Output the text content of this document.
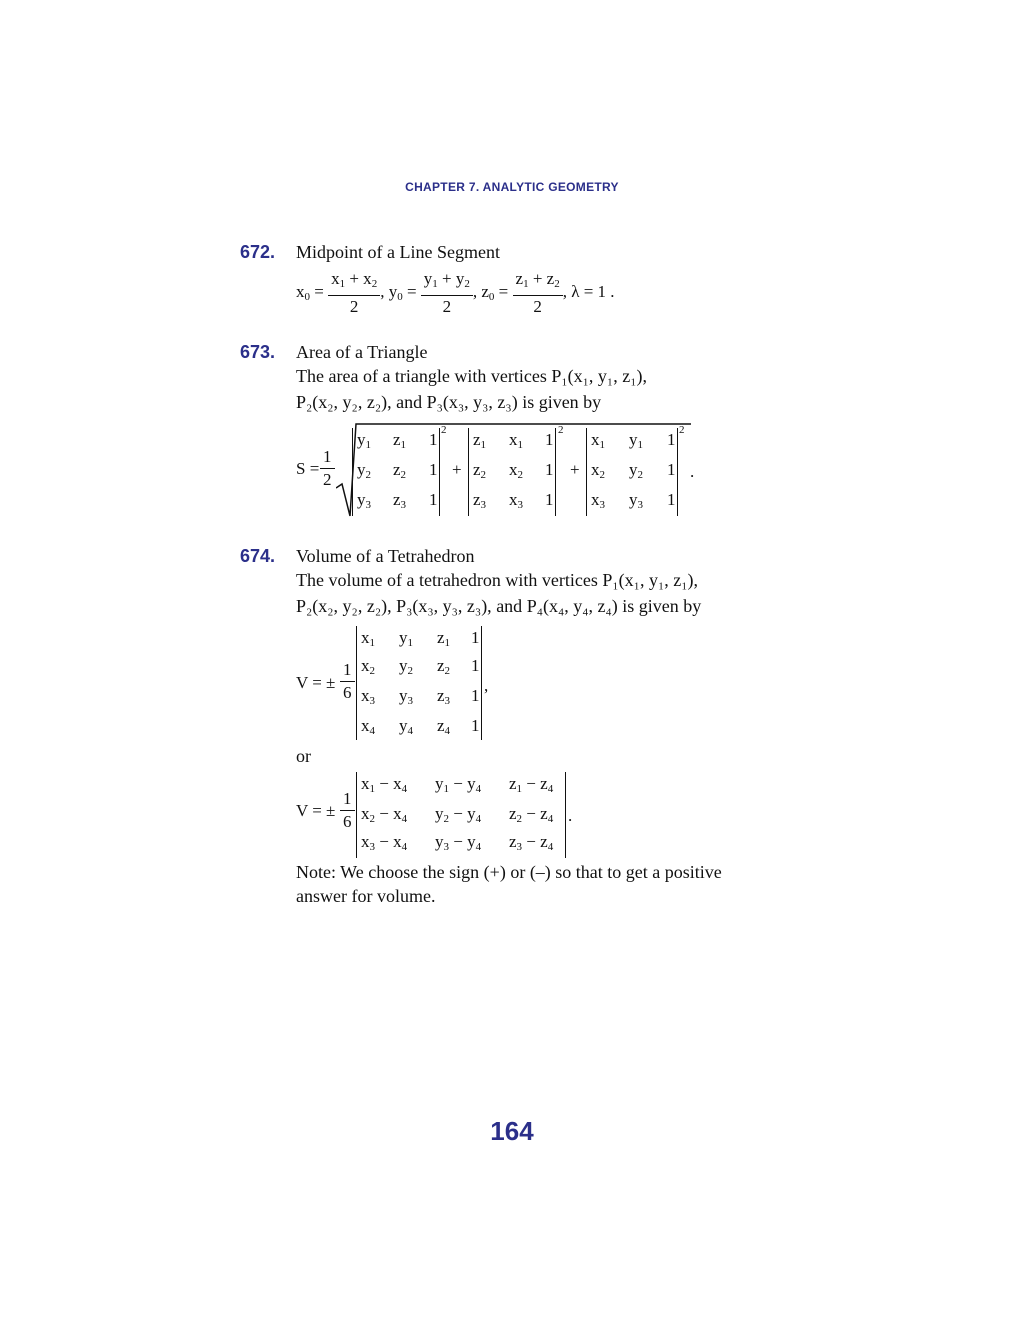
CHAPTER 7. ANALYTIC GEOMETRY
672. Midpoint of a Line Segment
$x_0 = \frac{x_1 + x_2}{2}$ , $y_0 = \frac{y_1 + y_2}{2}$ , $z_0 = \frac{z_1 + z_2}{2}$ , λ = 1 .
673. Area of a Triangle
The area of a triangle with vertices P₁(x₁, y₁, z₁),
P₂(x₂, y₂, z₂), and P₃(x₃, y₃, z₃) is given by
$S = \frac{1}{2}$
$y_1$ $z_1$ 1
$y_2$ $z_2$ 1
$y_3$ $z_3$ 1
2
+
$z_1$ $x_1$ 1
$z_2$ $x_2$ 1
$z_3$ $x_3$ 1
2
+
$x_1$ $y_1$ 1
$x_2$ $y_2$ 1
$x_3$ $y_3$ 1
2
.
674. Volume of a Tetrahedron
The volume of a tetrahedron with vertices P₁(x₁, y₁, z₁),
P₂(x₂, y₂, z₂), P₃(x₃, y₃, z₃), and P₄(x₄, y₄, z₄) is given by
V = ± $\frac{1}{6}$
$x_1$ $y_1$ $z_1$ 1
$x_2$ $y_2$ $z_2$ 1
$x_3$ $y_3$ $z_3$ 1
$x_4$ $y_4$ $z_4$ 1
,
or
V = ± $\frac{1}{6}$
$x_1 - x_4$ $y_1 - y_4$ $z_1 - z_4$
$x_2 - x_4$ $y_2 - y_4$ $z_2 - z_4$
$x_3 - x_4$ $y_3 - y_4$ $z_3 - z_4$
.
Note: We choose the sign (+) or (–) so that to get a positive
answer for volume.
164
